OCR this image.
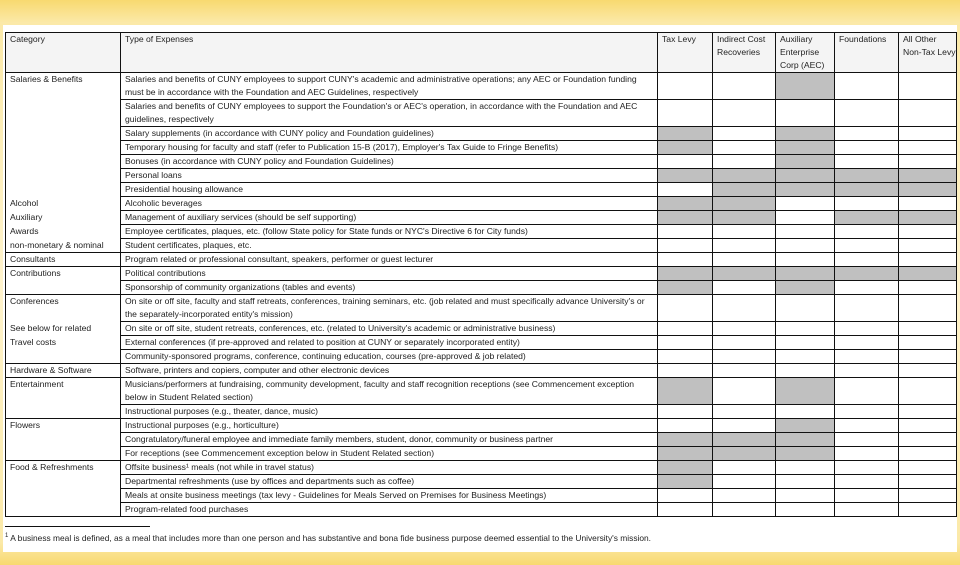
Category	Type of Expenses	Tax Levy	Indirect Cost Recoveries	Auxiliary Enterprise Corp (AEC)	Foundations	All Other Non-Tax Levy
Salaries & Benefits	Salaries and benefits of CUNY employees to support CUNY's academic and administrative operations; any AEC or Foundation funding must be in accordance with the Foundation and AEC Guidelines, respectively					
	Salaries and benefits of CUNY employees to support the Foundation's or AEC's operation, in accordance with the Foundation and AEC guidelines, respectively					
	Salary supplements (in accordance with CUNY policy and Foundation guidelines)					
	Temporary housing for faculty and staff (refer to Publication 15-B (2017), Employer's Tax Guide to Fringe Benefits)					
	Bonuses (in accordance with CUNY policy and Foundation Guidelines)					
	Personal loans					
	Presidential housing allowance					
Alcohol	Alcoholic beverages					
Auxiliary	Management of auxiliary services (should be self supporting)					
Awards	Employee certificates, plaques, etc. (follow State policy for State funds or NYC's Directive 6 for City funds)					
non-monetary & nominal	Student certificates, plaques, etc.					
Consultants	Program related or professional consultant, speakers, performer or guest lecturer					
Contributions	Political contributions					
	Sponsorship of community organizations (tables and events)					
Conferences	On site or off site, faculty and staff retreats, conferences, training seminars, etc. (job related and must specifically advance University's or the separately-incorporated entity's mission)					
See below for related	On site or off site, student retreats, conferences, etc. (related to University's academic or administrative business)					
Travel costs	External conferences (if pre-approved and related to position at CUNY or separately incorporated entity)					
	Community-sponsored programs, conference, continuing education, courses (pre-approved & job related)					
Hardware & Software	Software, printers and copiers, computer and other electronic devices					
Entertainment	Musicians/performers at fundraising, community development, faculty and staff recognition receptions (see Commencement exception below in Student Related section)					
	Instructional purposes (e.g., theater, dance, music)					
Flowers	Instructional purposes (e.g., horticulture)					
	Congratulatory/funeral employee and immediate family members, student, donor, community or business partner					
	For receptions (see Commencement exception below in Student Related section)					
Food & Refreshments	Offsite business¹ meals (not while in travel status)					
	Departmental refreshments (use by offices and departments such as coffee)					
	Meals at onsite business meetings (tax levy - Guidelines for Meals Served on Premises for Business Meetings)					
	Program-related food purchases					
$^1$ A business meal is defined, as a meal that includes more than one person and has substantive and bona fide business purpose deemed essential to the University's mission.
